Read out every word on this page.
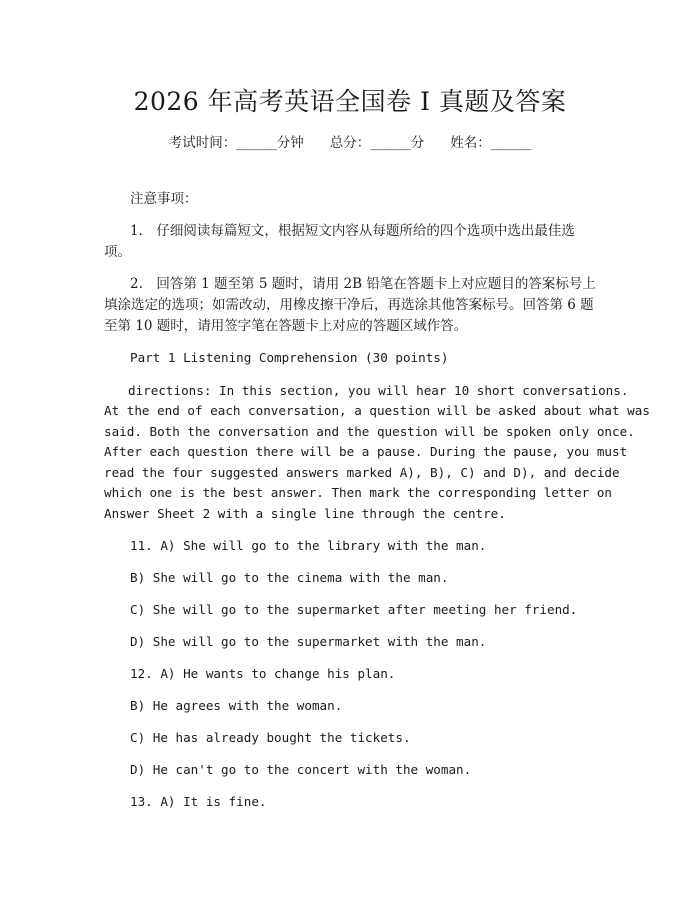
2026 年高考英语全国卷 I 真题及答案
考试时间：______分钟 总分：______分 姓名：______
注意事项：
1.　仔细阅读每篇短文，根据短文内容从每题所给的四个选项中选出最佳选
项。
2.　回答第 1 题至第 5 题时，请用 2B 铅笔在答题卡上对应题目的答案标号上
填涂选定的选项；如需改动，用橡皮擦干净后，再选涂其他答案标号。回答第 6 题
至第 10 题时，请用签字笔在答题卡上对应的答题区域作答。
Part 1 Listening Comprehension (30 points)
directions: In this section, you will hear 10 short conversations.
At the end of each conversation, a question will be asked about what was
said. Both the conversation and the question will be spoken only once.
After each question there will be a pause. During the pause, you must
read the four suggested answers marked A), B), C) and D), and decide
which one is the best answer. Then mark the corresponding letter on
Answer Sheet 2 with a single line through the centre.
11. A) She will go to the library with the man.
B) She will go to the cinema with the man.
C) She will go to the supermarket after meeting her friend.
D) She will go to the supermarket with the man.
12. A) He wants to change his plan.
B) He agrees with the woman.
C) He has already bought the tickets.
D) He can't go to the concert with the woman.
13. A) It is fine.
